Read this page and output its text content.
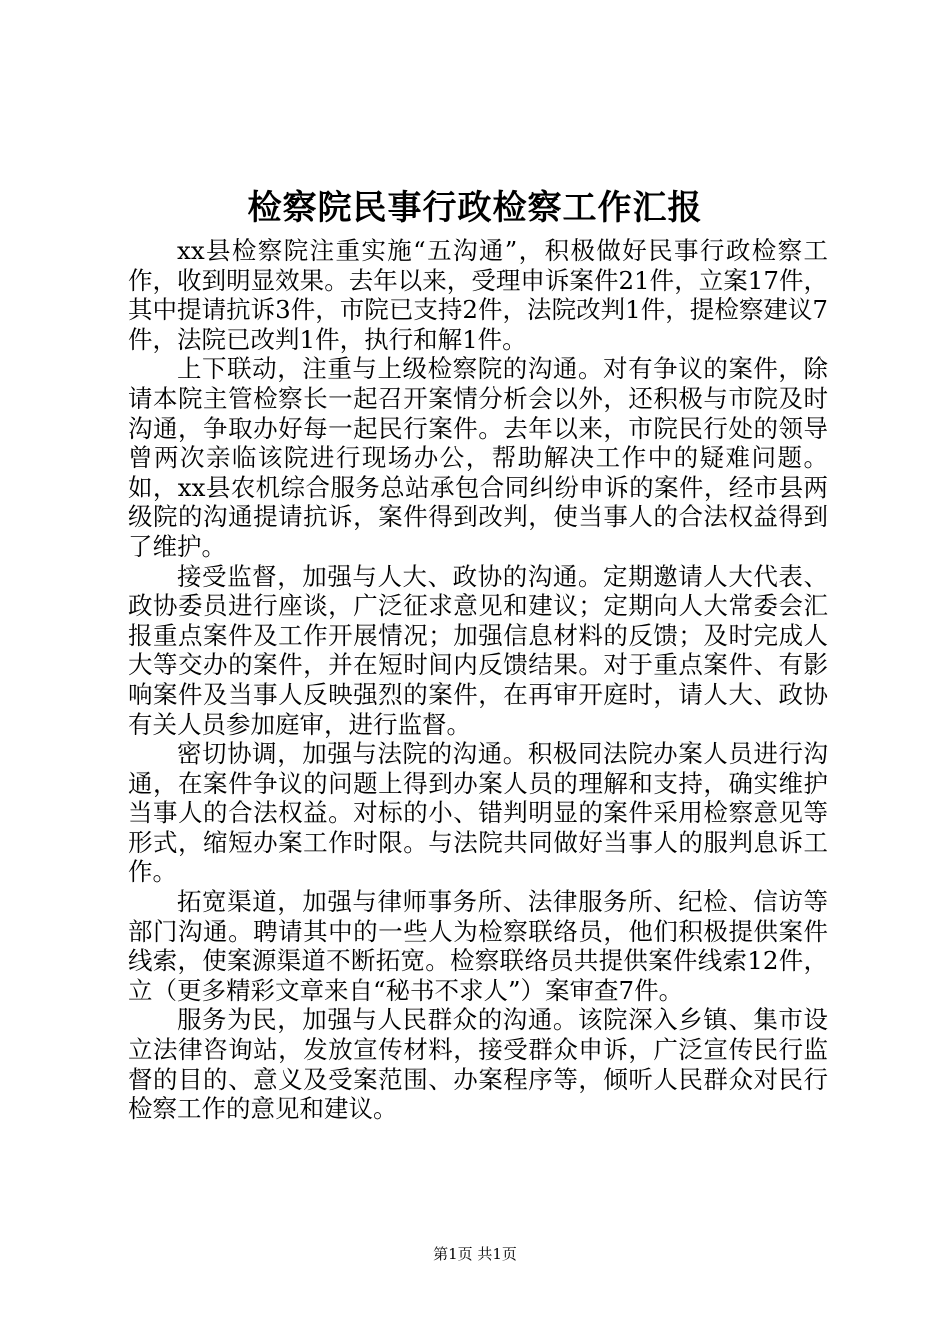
检察院民事行政检察工作汇报

xx县检察院注重实施“五沟通”，积极做好民事行政检察工作，收到明显效果。去年以来，受理申诉案件21件，立案17件，其中提请抗诉3件，市院已支持2件，法院改判1件，提检察建议7件，法院已改判1件，执行和解1件。

上下联动，注重与上级检察院的沟通。对有争议的案件，除请本院主管检察长一起召开案情分析会以外，还积极与市院及时沟通，争取办好每一起民行案件。去年以来，市院民行处的领导曾两次亲临该院进行现场办公，帮助解决工作中的疑难问题。如，xx县农机综合服务总站承包合同纠纷申诉的案件，经市县两级院的沟通提请抗诉，案件得到改判，使当事人的合法权益得到了维护。

接受监督，加强与人大、政协的沟通。定期邀请人大代表、政协委员进行座谈，广泛征求意见和建议；定期向人大常委会汇报重点案件及工作开展情况；加强信息材料的反馈；及时完成人大等交办的案件，并在短时间内反馈结果。对于重点案件、有影响案件及当事人反映强烈的案件，在再审开庭时，请人大、政协有关人员参加庭审，进行监督。

密切协调，加强与法院的沟通。积极同法院办案人员进行沟通，在案件争议的问题上得到办案人员的理解和支持，确实维护当事人的合法权益。对标的小、错判明显的案件采用检察意见等形式，缩短办案工作时限。与法院共同做好当事人的服判息诉工作。

拓宽渠道，加强与律师事务所、法律服务所、纪检、信访等部门沟通。聘请其中的一些人为检察联络员，他们积极提供案件线索，使案源渠道不断拓宽。检察联络员共提供案件线索12件，立（更多精彩文章来自“秘书不求人”）案审查7件。

服务为民，加强与人民群众的沟通。该院深入乡镇、集市设立法律咨询站，发放宣传材料，接受群众申诉，广泛宣传民行监督的目的、意义及受案范围、办案程序等，倾听人民群众对民行检察工作的意见和建议。

第1页 共1页
